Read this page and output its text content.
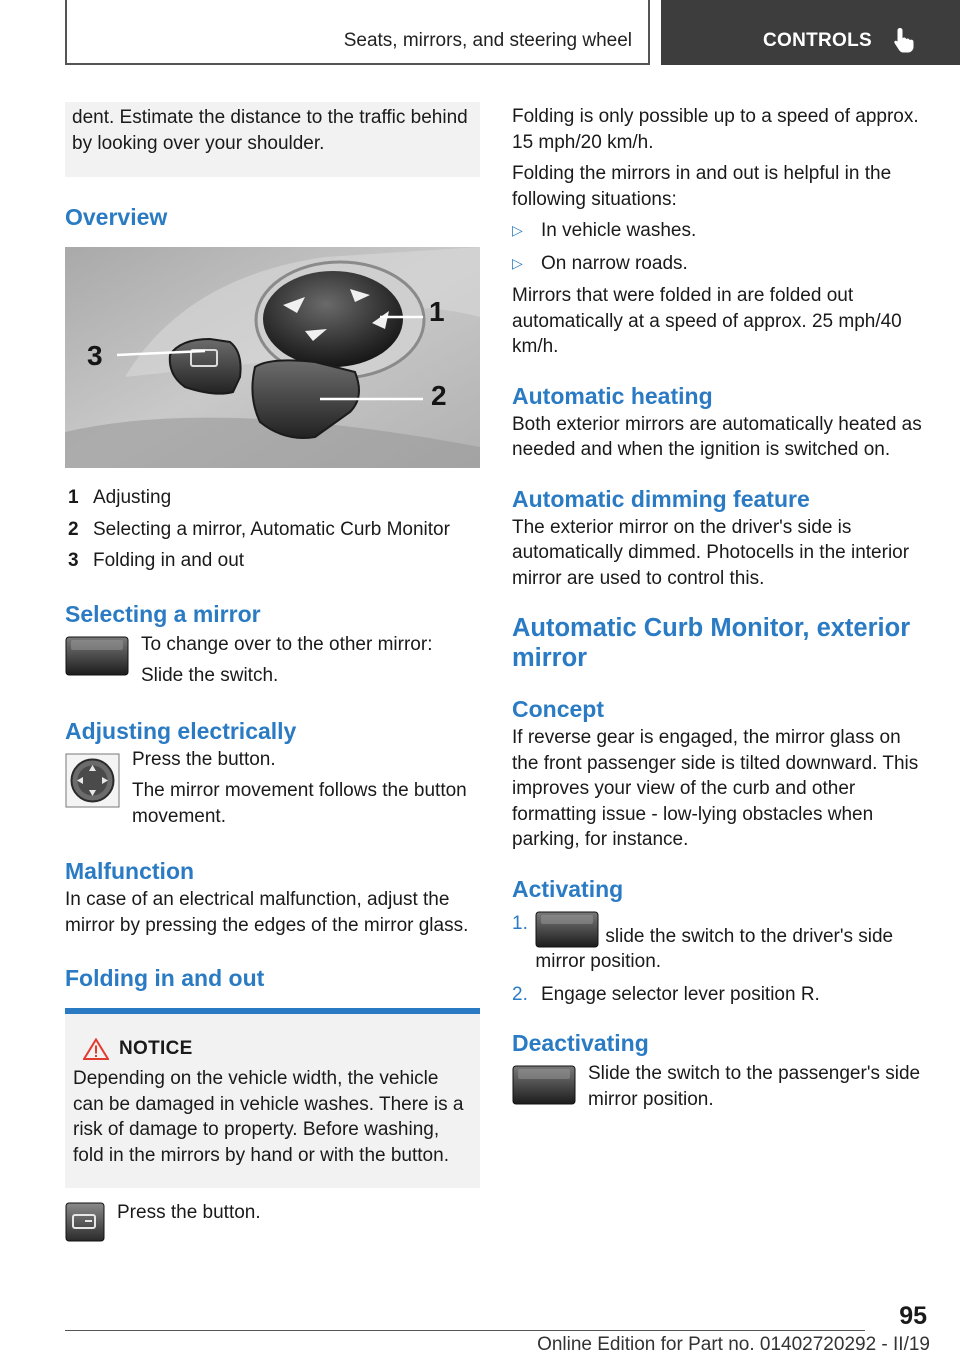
Seats, mirrors, and steering wheel	CONTROLS

dent. Estimate the distance to the traffic behind by looking over your shoulder.

Overview
3
1
2
1 Adjusting
2 Selecting a mirror, Automatic Curb Monitor
3 Folding in and out
Selecting a mirror

To change over to the other mirror:

Slide the switch.

Adjusting electrically

Press the button.

The mirror movement follows the button movement.

Malfunction

In case of an electrical malfunction, adjust the mirror by pressing the edges of the mirror glass.

Folding in and out
NOTICE

Depending on the vehicle width, the vehicle can be damaged in vehicle washes. There is a risk of damage to property. Before washing, fold in the mirrors by hand or with the button.

Press the button.

Folding is only possible up to a speed of approx. 15 mph/20 km/h.

Folding the mirrors in and out is helpful in the following situations:

▷ In vehicle washes.
▷ On narrow roads.

Mirrors that were folded in are folded out automatically at a speed of approx. 25 mph/40 km/h.

Automatic heating

Both exterior mirrors are automatically heated as needed and when the ignition is switched on.

Automatic dimming feature

The exterior mirror on the driver's side is automatically dimmed. Photocells in the interior mirror are used to control this.

Automatic Curb Monitor, exterior mirror
Concept

If reverse gear is engaged, the mirror glass on the front passenger side is tilted downward. This improves your view of the curb and other formatting issue - low-lying obstacles when parking, for instance.

Activating
1.
slide the switch to the driver's side mirror position.
2. Engage selector lever position R.
Deactivating

Slide the switch to the passenger's side mirror position.

95
Online Edition for Part no. 01402720292 - II/19
